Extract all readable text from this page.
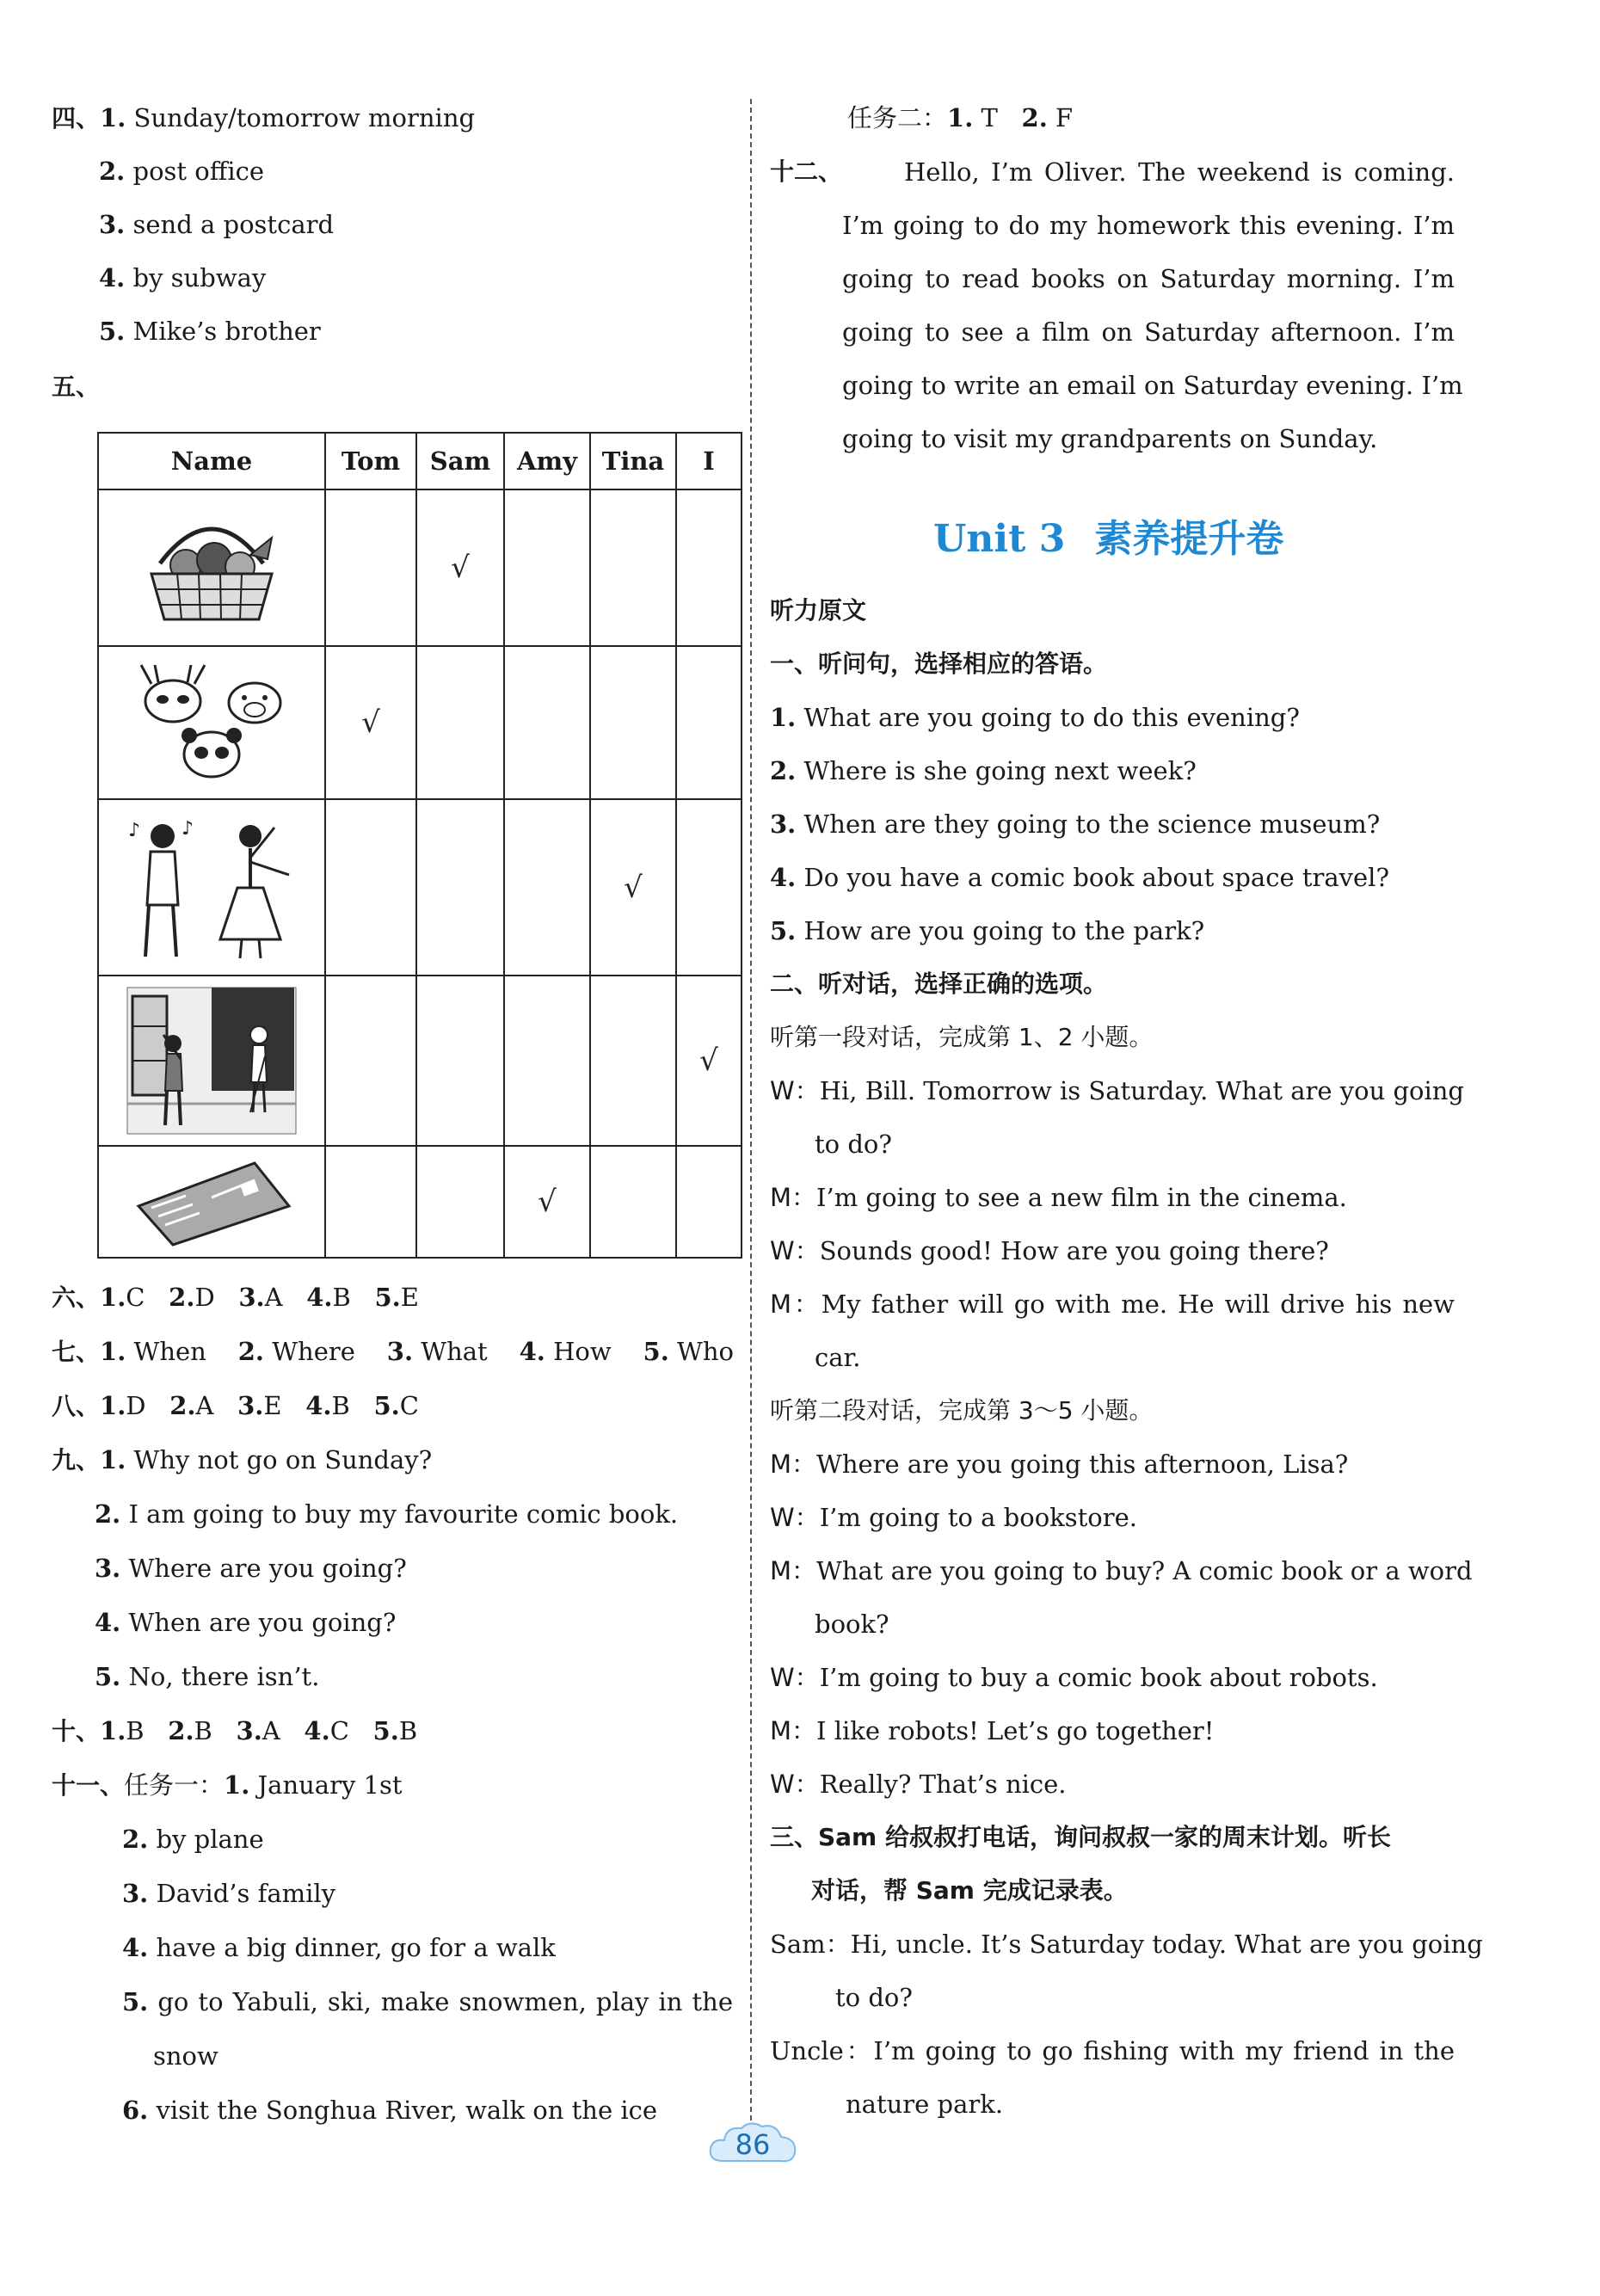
四、1. Sunday/tomorrow morning
2. post office
3. send a postcard
4. by subway
5. Mike’s brother
五、
Name	Tom	Sam	Amy	Tina	I

		√			

	√				

♪ ♪				√	

					√

			√		
六、1.C 2.D 3.A 4.B 5.E
七、1. When 2. Where 3. What 4. How 5. Who
八、1.D 2.A 3.E 4.B 5.C
九、1. Why not go on Sunday?
2. I am going to buy my favourite comic book.
3. Where are you going?
4. When are you going?
5. No, there isn’t.
十、1.B 2.B 3.A 4.C 5.B
十一、任务一：1. January 1st
2. by plane
3. David’s family
4. have a big dinner, go for a walk
5. go to Yabuli, ski, make snowmen, play in the
snow
6. visit the Songhua River, walk on the ice
任务二：1. T 2. F
十二、 Hello, I’m Oliver. The weekend is coming.
I’m going to do my homework this evening. I’m
going to read books on Saturday morning. I’m
going to see a film on Saturday afternoon. I’m
going to write an email on Saturday evening. I’m
going to visit my grandparents on Sunday.
Unit 3 素养提升卷
听力原文
一、听问句，选择相应的答语。
1. What are you going to do this evening?
2. Where is she going next week?
3. When are they going to the science museum?
4. Do you have a comic book about space travel?
5. How are you going to the park?
二、听对话，选择正确的选项。
听第一段对话，完成第 1、2 小题。
W：Hi, Bill. Tomorrow is Saturday. What are you going
to do?
M：I’m going to see a new film in the cinema.
W：Sounds good! How are you going there?
M：My father will go with me. He will drive his new
car.
听第二段对话，完成第 3～5 小题。
M：Where are you going this afternoon, Lisa?
W：I’m going to a bookstore.
M：What are you going to buy? A comic book or a word
book?
W：I’m going to buy a comic book about robots.
M：I like robots! Let’s go together!
W：Really? That’s nice.
三、Sam 给叔叔打电话，询问叔叔一家的周末计划。听长
对话，帮 Sam 完成记录表。
Sam：Hi, uncle. It’s Saturday today. What are you going
to do?
Uncle：I’m going to go fishing with my friend in the
nature park.
86
